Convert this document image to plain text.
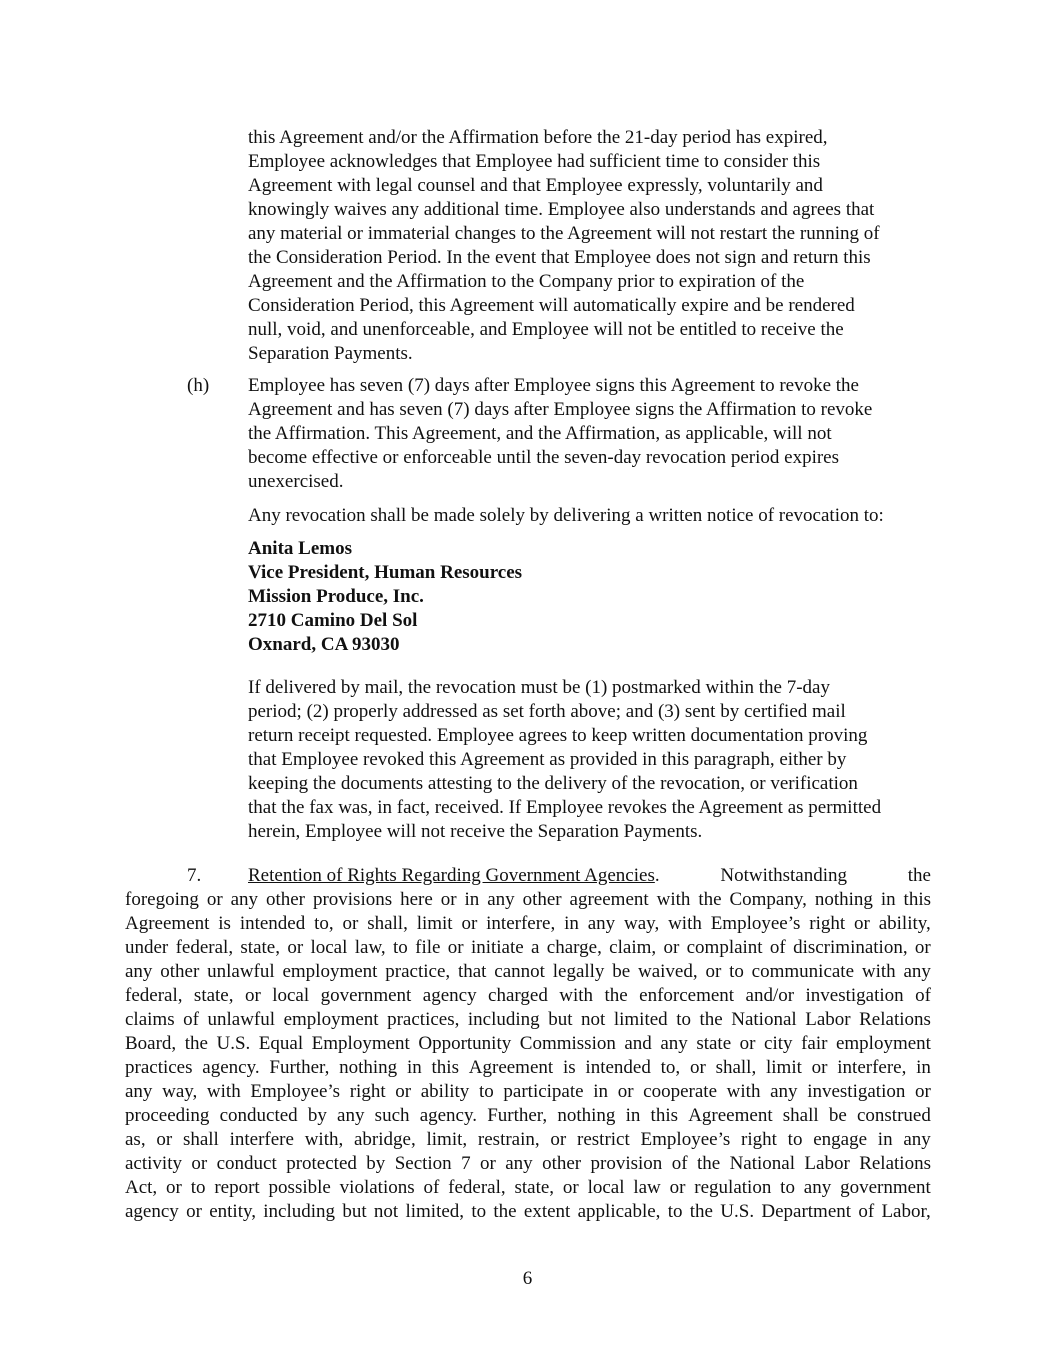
this Agreement and/or the Affirmation before the 21-day period has expired,
Employee acknowledges that Employee had sufficient time to consider this
Agreement with legal counsel and that Employee expressly, voluntarily and
knowingly waives any additional time. Employee also understands and agrees that
any material or immaterial changes to the Agreement will not restart the running of
the Consideration Period. In the event that Employee does not sign and return this
Agreement and the Affirmation to the Company prior to expiration of the
Consideration Period, this Agreement will automatically expire and be rendered
null, void, and unenforceable, and Employee will not be entitled to receive the
Separation Payments.
(h) Employee has seven (7) days after Employee signs this Agreement to revoke the
Agreement and has seven (7) days after Employee signs the Affirmation to revoke
the Affirmation. This Agreement, and the Affirmation, as applicable, will not
become effective or enforceable until the seven-day revocation period expires
unexercised.
Any revocation shall be made solely by delivering a written notice of revocation to:
Anita Lemos
Vice President, Human Resources
Mission Produce, Inc.
2710 Camino Del Sol
Oxnard, CA 93030
If delivered by mail, the revocation must be (1) postmarked within the 7-day
period; (2) properly addressed as set forth above; and (3) sent by certified mail
return receipt requested. Employee agrees to keep written documentation proving
that Employee revoked this Agreement as provided in this paragraph, either by
keeping the documents attesting to the delivery of the revocation, or verification
that the fax was, in fact, received. If Employee revokes the Agreement as permitted
herein, Employee will not receive the Separation Payments.
7. Retention of Rights Regarding Government Agencies.	Notwithstanding	the
foregoing or any other provisions here or in any other agreement with the Company, nothing in this
Agreement is intended to, or shall, limit or interfere, in any way, with Employee’s right or ability,
under federal, state, or local law, to file or initiate a charge, claim, or complaint of discrimination, or
any other unlawful employment practice, that cannot legally be waived, or to communicate with any
federal, state, or local government agency charged with the enforcement and/or investigation of
claims of unlawful employment practices, including but not limited to the National Labor Relations
Board, the U.S. Equal Employment Opportunity Commission and any state or city fair employment
practices agency. Further, nothing in this Agreement is intended to, or shall, limit or interfere, in
any way, with Employee’s right or ability to participate in or cooperate with any investigation or
proceeding conducted by any such agency. Further, nothing in this Agreement shall be construed
as, or shall interfere with, abridge, limit, restrain, or restrict Employee’s right to engage in any
activity or conduct protected by Section 7 or any other provision of the National Labor Relations
Act, or to report possible violations of federal, state, or local law or regulation to any government
agency or entity, including but not limited, to the extent applicable, to the U.S. Department of Labor,
6
